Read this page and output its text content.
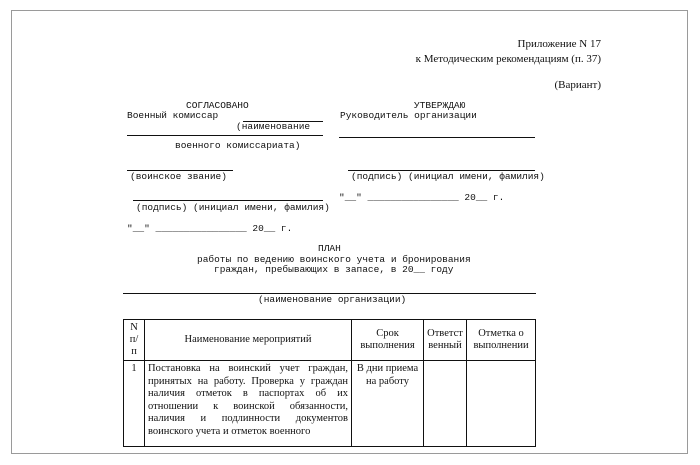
Приложение N 17
к Методическим рекомендациям (п. 37)
(Вариант)
СОГЛАСОВАНО
Военный комиссар
(наименование
военного комиссариата)
(воинское звание)
(подпись) (инициал имени, фамилия)
"__" ________________ 20__ г.
УТВЕРЖДАЮ
Руководитель организации
(подпись) (инициал имени, фамилия)
"__" ________________ 20__ г.
ПЛАН
работы по ведению воинского учета и бронирования
граждан, пребывающих в запасе, в 20__ году
(наименование организации)
N п/п	Наименование мероприятий	Срок выполнения	Ответст венный	Отметка о выполнении
1	Постановка на воинский учет граждан, принятых на работу. Проверка у граждан наличия отметок в паспортах об их отношении к воинской обязанности, наличия и подлинности документов воинского учета и отметок военного	В дни приема на работу		
